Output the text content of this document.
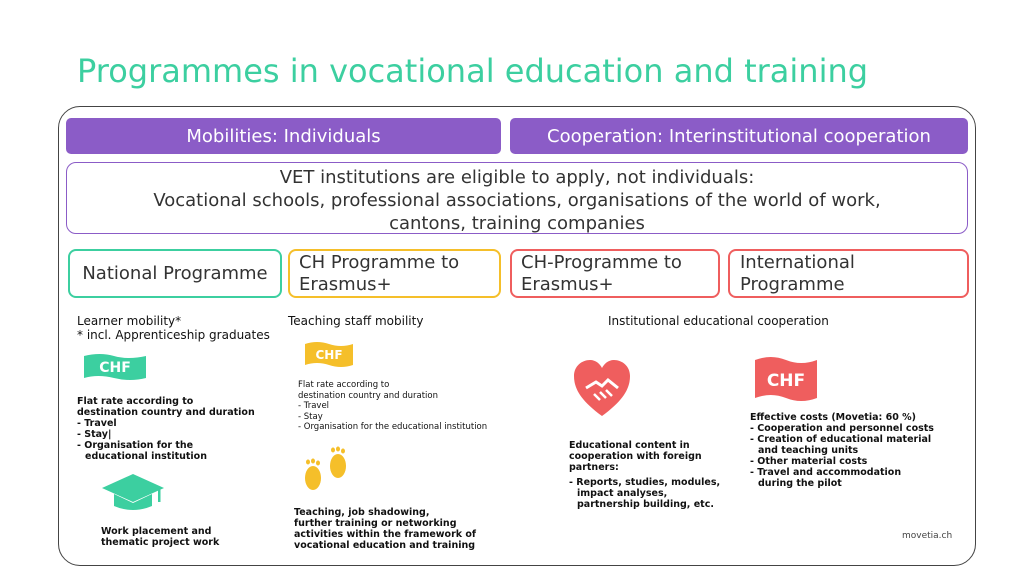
Programmes in vocational education and training
Mobilities: Individuals	Cooperation: Interinstitutional cooperation
VET institutions are eligible to apply, not individuals:
Vocational schools, professional associations, organisations of the world of work,
cantons, training companies
National Programme CH Programme to
Erasmus+
CH-Programme to
Erasmus+
International
Programme
Learner mobility*
* incl. Apprenticeship graduates
CHF
Flat rate according to
destination country and duration
- Travel
- Stay|
- Organisation for the
educational institution
Work placement and
thematic project work
Teaching staff mobility
CHF
Flat rate according to
destination country and duration
- Travel
- Stay
- Organisation for the educational institution
Teaching, job shadowing,
further training or networking
activities within the framework of
vocational education and training
Institutional educational cooperation
Educational content in
cooperation with foreign
partners:
- Reports, studies, modules,
impact analyses,
partnership building, etc.
CHF
Effective costs (Movetia: 60 %)
- Cooperation and personnel costs
- Creation of educational material
and teaching units
- Other material costs
- Travel and accommodation
during the pilot
movetia.ch
